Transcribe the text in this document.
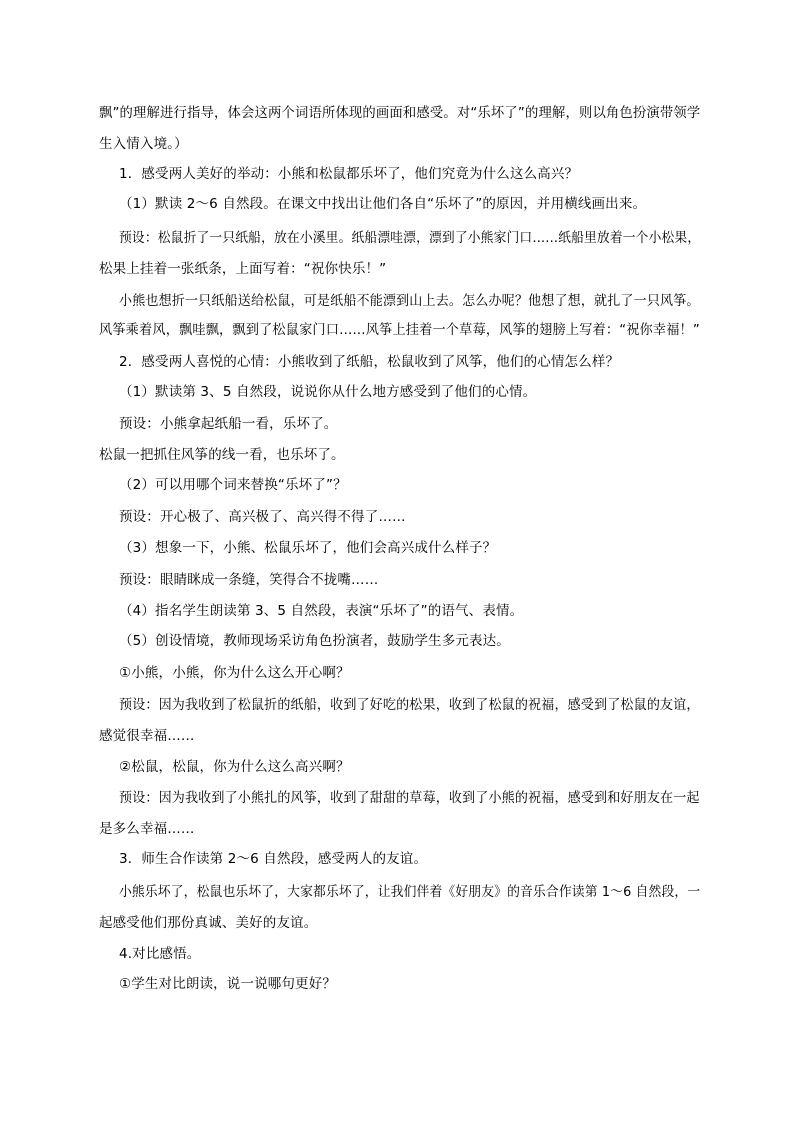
飘”的理解进行指导，体会这两个词语所体现的画面和感受。对“乐坏了”的理解，则以角色扮演带领学
生入情入境。）
1．感受两人美好的举动：小熊和松鼠都乐坏了，他们究竟为什么这么高兴？
（1）默读 2～6 自然段。在课文中找出让他们各自“乐坏了”的原因，并用横线画出来。
预设：松鼠折了一只纸船，放在小溪里。纸船漂哇漂，漂到了小熊家门口……纸船里放着一个小松果，
松果上挂着一张纸条，上面写着：“祝你快乐！”
小熊也想折一只纸船送给松鼠，可是纸船不能漂到山上去。怎么办呢？他想了想，就扎了一只风筝。
风筝乘着风，飘哇飘，飘到了松鼠家门口……风筝上挂着一个草莓，风筝的翅膀上写着：“祝你幸福！”
2．感受两人喜悦的心情：小熊收到了纸船，松鼠收到了风筝，他们的心情怎么样？
（1）默读第 3、5 自然段，说说你从什么地方感受到了他们的心情。
预设：小熊拿起纸船一看，乐坏了。
松鼠一把抓住风筝的线一看，也乐坏了。
（2）可以用哪个词来替换“乐坏了”？
预设：开心极了、高兴极了、高兴得不得了……
（3）想象一下，小熊、松鼠乐坏了，他们会高兴成什么样子？
预设：眼睛眯成一条缝，笑得合不拢嘴……
（4）指名学生朗读第 3、5 自然段，表演“乐坏了”的语气、表情。
（5）创设情境，教师现场采访角色扮演者，鼓励学生多元表达。
①小熊，小熊，你为什么这么开心啊？
预设：因为我收到了松鼠折的纸船，收到了好吃的松果，收到了松鼠的祝福，感受到了松鼠的友谊，
感觉很幸福……
②松鼠，松鼠，你为什么这么高兴啊？
预设：因为我收到了小熊扎的风筝，收到了甜甜的草莓，收到了小熊的祝福，感受到和好朋友在一起
是多么幸福……
3．师生合作读第 2～6 自然段，感受两人的友谊。
小熊乐坏了，松鼠也乐坏了，大家都乐坏了，让我们伴着《好朋友》的音乐合作读第 1～6 自然段，一
起感受他们那份真诚、美好的友谊。
4.对比感悟。
①学生对比朗读，说一说哪句更好？
